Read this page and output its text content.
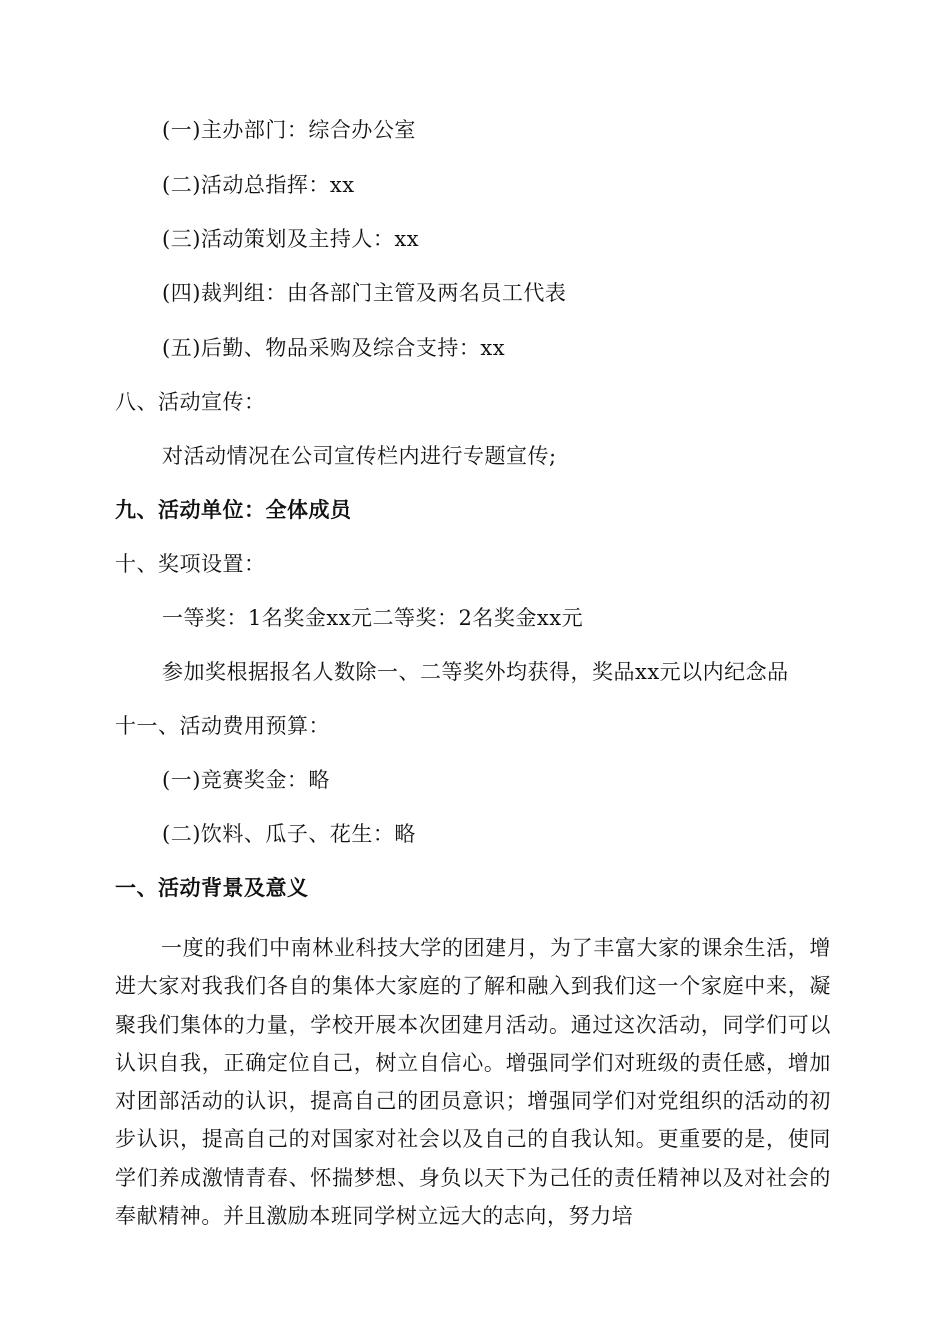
(一)主办部门：综合办公室
(二)活动总指挥：xx
(三)活动策划及主持人：xx
(四)裁判组：由各部门主管及两名员工代表
(五)后勤、物品采购及综合支持：xx
八、活动宣传：
对活动情况在公司宣传栏内进行专题宣传;
九、活动单位：全体成员
十、奖项设置：
一等奖：1名奖金xx元二等奖：2名奖金xx元
参加奖根据报名人数除一、二等奖外均获得，奖品xx元以内纪念品
十一、活动费用预算：
(一)竞赛奖金：略
(二)饮料、瓜子、花生：略
一、活动背景及意义

一度的我们中南林业科技大学的团建月，为了丰富大家的课余生活，增进大家对我我们各自的集体大家庭的了解和融入到我们这一个家庭中来，凝聚我们集体的力量，学校开展本次团建月活动。通过这次活动，同学们可以认识自我，正确定位自己，树立自信心。增强同学们对班级的责任感，增加对团部活动的认识，提高自己的团员意识；增强同学们对党组织的活动的初步认识，提高自己的对国家对社会以及自己的自我认知。更重要的是，使同学们养成激情青春、怀揣梦想、身负以天下为己任的责任精神以及对社会的奉献精神。并且激励本班同学树立远大的志向，努力培
